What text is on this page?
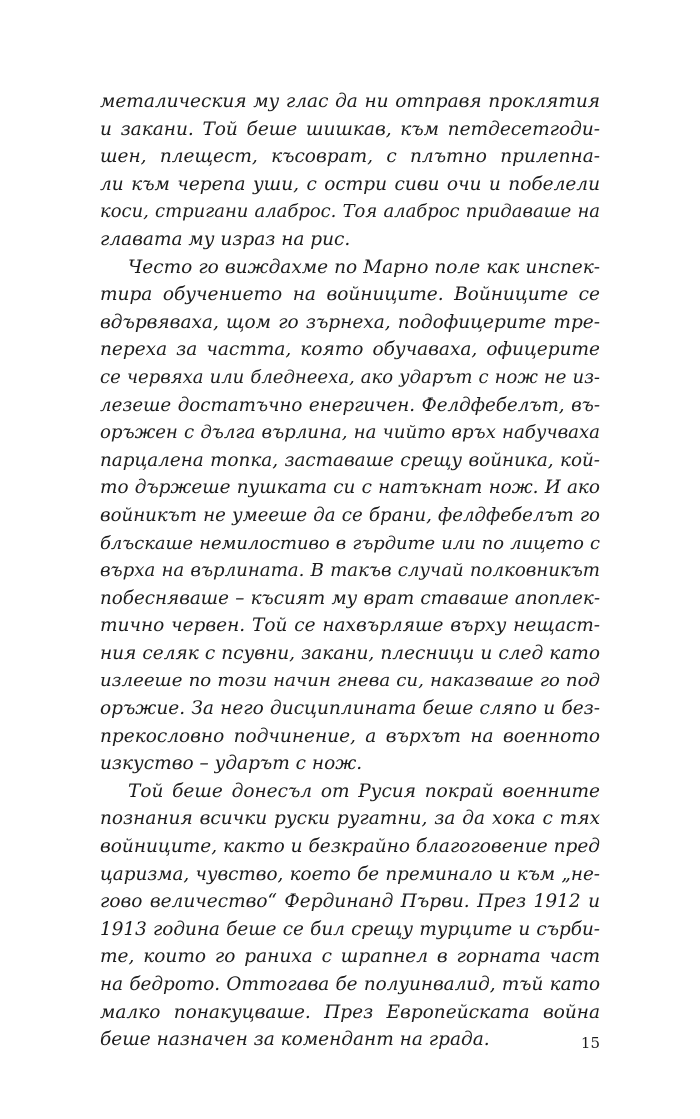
металическия му глас да ни отправя проклятия
и закани. Той беше шишкав, към петдесетгоди-
шен, плещест, късоврат, с плътно прилепна-
ли към черепа уши, с остри сиви очи и побелели
коси, стригани алаброс. Тоя алаброс придаваше на
главата му израз на рис.
Често го виждахме по Марно поле как инспек-
тира обучението на войниците. Войниците се
вдървяваха, щом го зърнеха, подофицерите тре-
переха за частта, която обучаваха, офицерите
се червяха или бледнееха, ако ударът с нож не из-
лезеше достатъчно енергичен. Фелдфебелът, въ-
оръжен с дълга върлина, на чийто връх набучваха
парцалена топка, заставаше срещу войника, кой-
то държеше пушката си с натъкнат нож. И ако
войникът не умееше да се брани, фелдфебелът го
блъскаше немилостиво в гърдите или по лицето с
върха на върлината. В такъв случай полковникът
побесняваше – късият му врат ставаше апоплек-
тично червен. Той се нахвърляше върху нещаст-
ния селяк с псувни, закани, плесници и след като
излееше по този начин гнева си, наказваше го под
оръжие. За него дисциплината беше сляпо и без-
прекословно подчинение, а върхът на военното
изкуство – ударът с нож.
Той беше донесъл от Русия покрай военните
познания всички руски ругатни, за да хока с тях
войниците, както и безкрайно благоговение пред
царизма, чувство, което бе преминало и към „не-
гово величество“ Фердинанд Първи. През 1912 и
1913 година беше се бил срещу турците и сърби-
те, които го раниха с шрапнел в горната част
на бедрото. Оттогава бе полуинвалид, тъй като
малко понакуцваше. През Европейската война
беше назначен за комендант на града.	15
